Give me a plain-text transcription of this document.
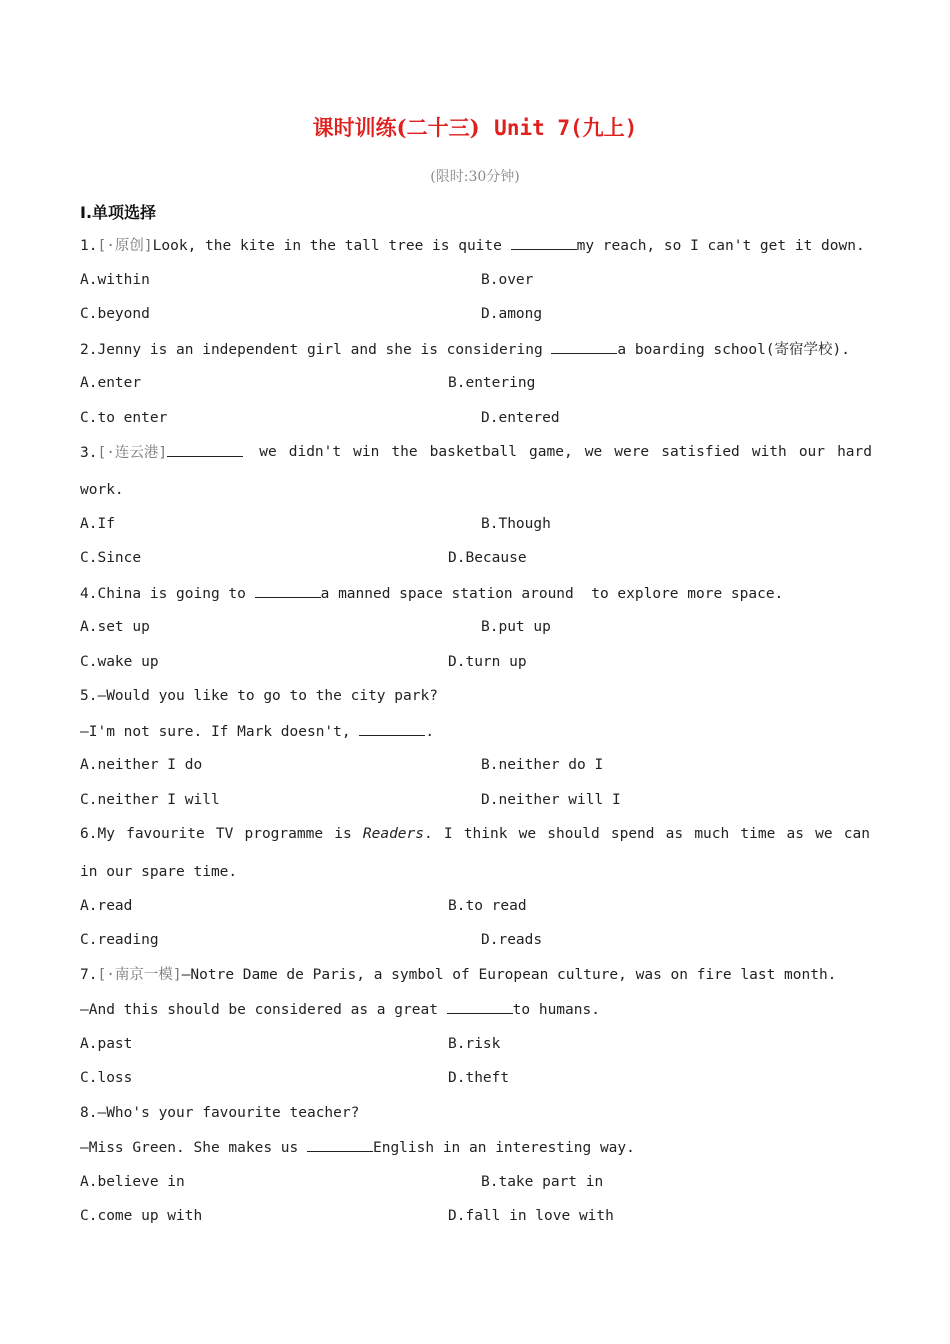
课时训练(二十三) Unit 7(九上)
(限时:30分钟)
Ⅰ.单项选择
1.[·原创]Look, the kite in the tall tree is quite	my reach, so I can't get it down.
A.within	B.over
C.beyond	D.among
2.Jenny is an independent girl and she is considering	a boarding school(寄宿学校).
A.enter	B.entering
C.to enter	D.entered
3.[·连云港]	we didn't win the basketball game, we were satisfied with our hard
work.
A.If	B.Though
C.Since	D.Because
4.China is going to	a manned space station around  to explore more space.
A.set up	B.put up
C.wake up	D.turn up
5.—Would you like to go to the city park?
—I'm not sure. If Mark doesn't,	.
A.neither I do	B.neither do I
C.neither I will	D.neither will I
6.My favourite TV programme is Readers. I think we should spend as much time as we can
in our spare time.
A.read	B.to read
C.reading	D.reads
7.[·南京一模]—Notre Dame de Paris, a symbol of European culture, was on fire last month.
—And this should be considered as a great	to humans.
A.past	B.risk
C.loss	D.theft
8.—Who's your favourite teacher?
—Miss Green. She makes us	English in an interesting way.
A.believe in	B.take part in
C.come up with	D.fall in love with
